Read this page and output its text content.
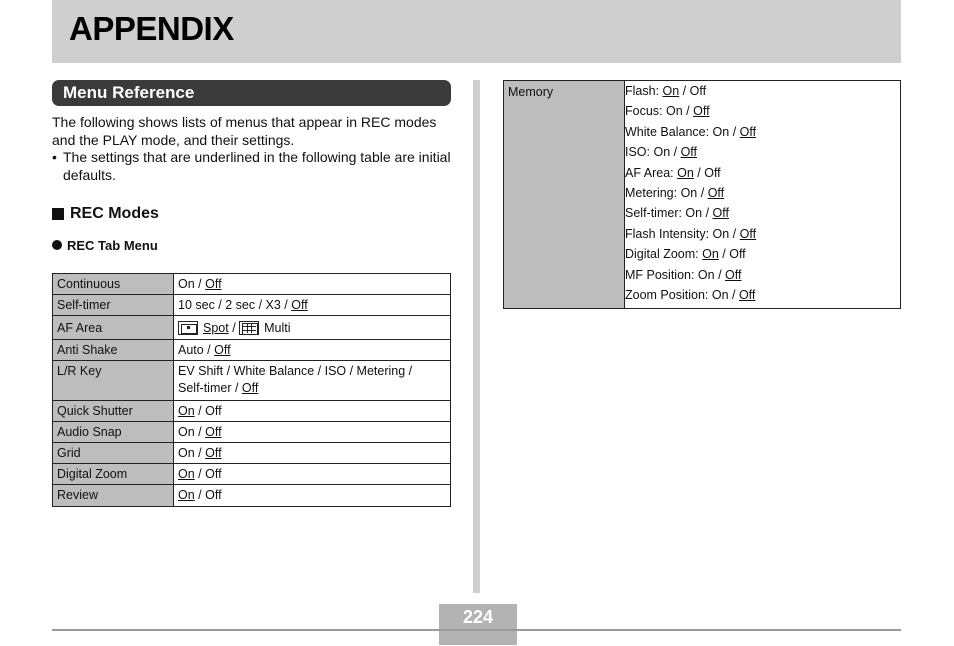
APPENDIX
Menu Reference
The following shows lists of menus that appear in REC modes and the PLAY mode, and their settings.
• The settings that are underlined in the following table are initial defaults.
REC Modes
REC Tab Menu
Continuous	On / Off
Self-timer	10 sec / 2 sec / X3 / Off
AF Area	Spot / Multi
Anti Shake	Auto / Off
L/R Key	EV Shift / White Balance / ISO / Metering /
Self-timer / Off

Quick Shutter	On / Off
Audio Snap	On / Off
Grid	On / Off
Digital Zoom	On / Off
Review	On / Off
Memory	Flash: On / Off
Focus: On / Off
White Balance: On / Off
ISO: On / Off
AF Area: On / Off
Metering: On / Off
Self-timer: On / Off
Flash Intensity: On / Off
Digital Zoom: On / Off
MF Position: On / Off
Zoom Position: On / Off
224
